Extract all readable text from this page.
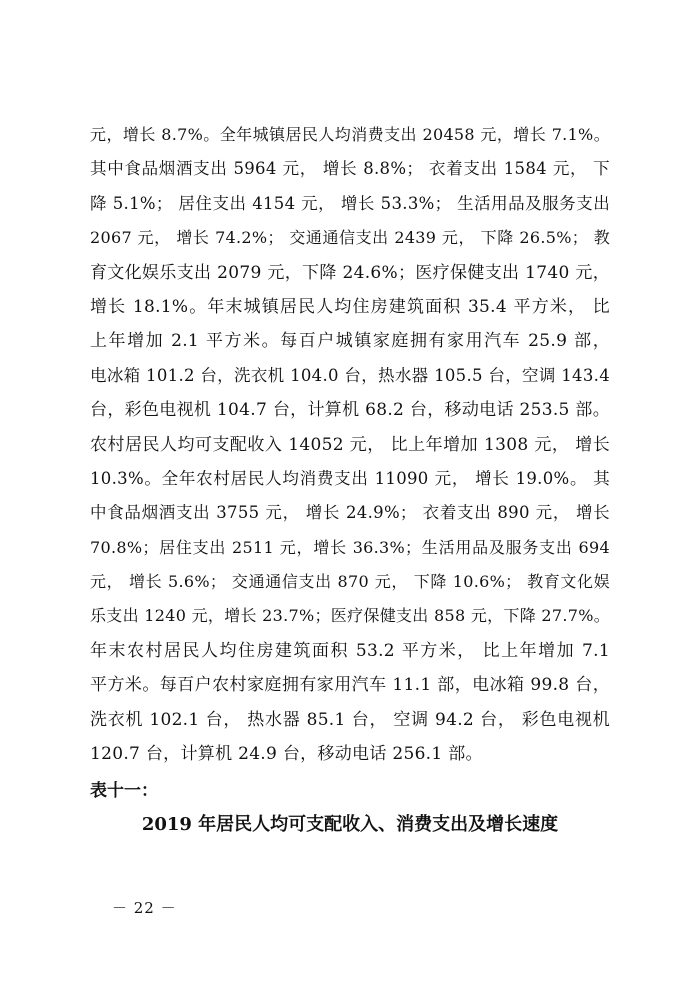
元，增长 8.7%。全年城镇居民人均消费支出 20458 元，增长 7.1%。
其中食品烟酒支出 5964 元， 增长 8.8%； 衣着支出 1584 元， 下
降 5.1%； 居住支出 4154 元， 增长 53.3%； 生活用品及服务支出
2067 元， 增长 74.2%； 交通通信支出 2439 元， 下降 26.5%； 教
育文化娱乐支出 2079 元，下降 24.6%；医疗保健支出 1740 元，
增长 18.1%。年末城镇居民人均住房建筑面积 35.4 平方米， 比
上年增加 2.1 平方米。每百户城镇家庭拥有家用汽车 25.9 部，
电冰箱 101.2 台，洗衣机 104.0 台，热水器 105.5 台，空调 143.4
台，彩色电视机 104.7 台，计算机 68.2 台，移动电话 253.5 部。
农村居民人均可支配收入 14052 元， 比上年增加 1308 元， 增长
10.3%。全年农村居民人均消费支出 11090 元， 增长 19.0%。 其
中食品烟酒支出 3755 元， 增长 24.9%； 衣着支出 890 元， 增长
70.8%；居住支出 2511 元，增长 36.3%；生活用品及服务支出 694
元， 增长 5.6%； 交通通信支出 870 元， 下降 10.6%； 教育文化娱
乐支出 1240 元，增长 23.7%；医疗保健支出 858 元，下降 27.7%。
年末农村居民人均住房建筑面积 53.2 平方米， 比上年增加 7.1
平方米。每百户农村家庭拥有家用汽车 11.1 部，电冰箱 99.8 台，
洗衣机 102.1 台， 热水器 85.1 台， 空调 94.2 台， 彩色电视机
120.7 台，计算机 24.9 台，移动电话 256.1 部。
表十一：
2019 年居民人均可支配收入、消费支出及增长速度
－ 22 －
